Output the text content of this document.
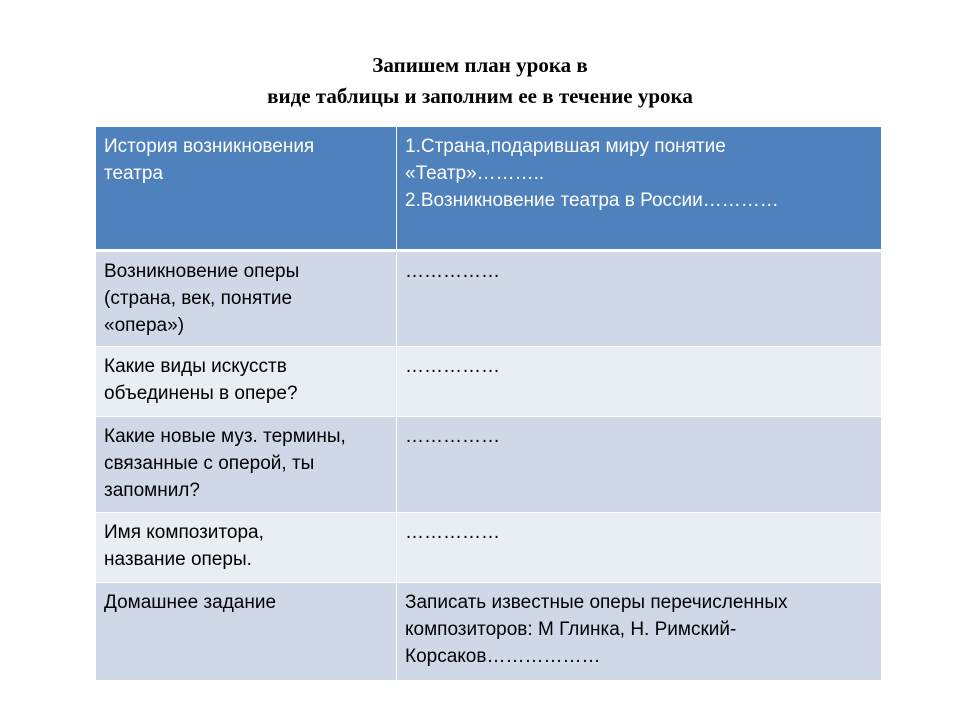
Запишем план урока в
виде таблицы и заполним ее в течение урока
История возникновения
театра	1.Страна,подарившая миру понятие
«Театр»………..
2.Возникновение театра в России…………

Возникновение оперы
(страна, век, понятие
«опера»)	……………

Какие виды искусств
объединены в опере?	……………

Какие новые муз. термины,
связанные с оперой, ты
запомнил?	……………

Имя композитора,
название оперы.	……………

Домашнее задание	Записать известные оперы перечисленных
композиторов: М Глинка, Н. Римский-
Корсаков………………
